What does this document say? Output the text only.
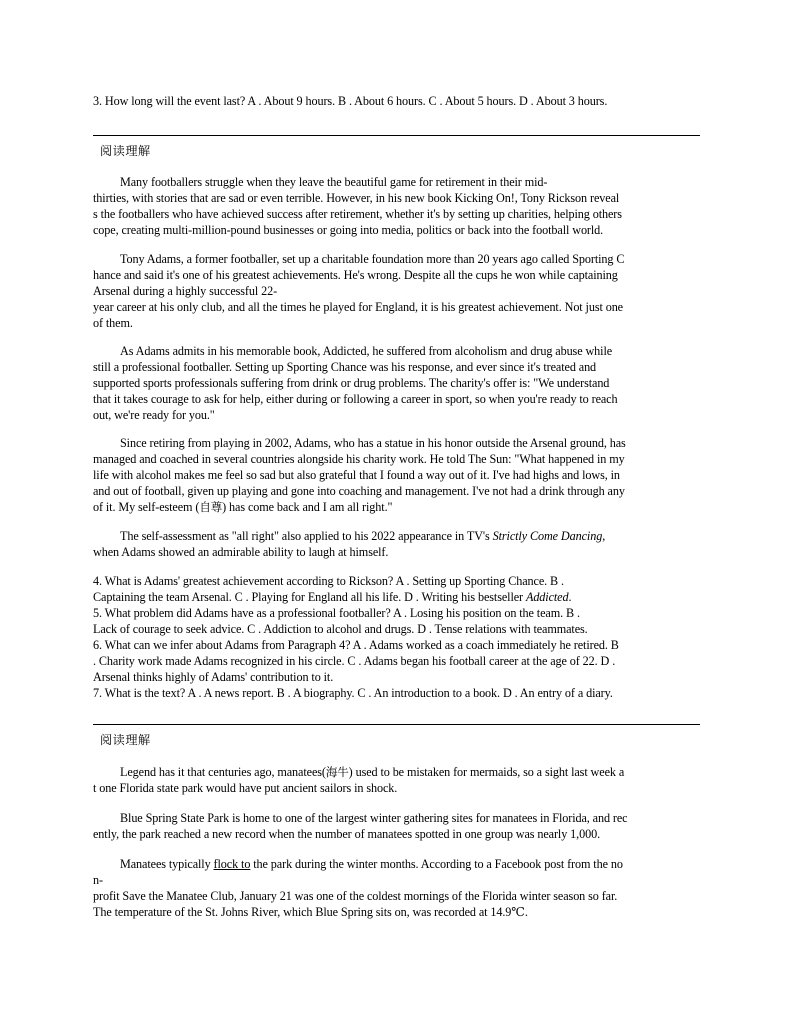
3. How long will the event last? A . About 9 hours. B . About 6 hours. C . About 5 hours. D . About 3 hours.
阅读理解
Many footballers struggle when they leave the beautiful game for retirement in their mid-
thirties, with stories that are sad or even terrible. However, in his new book Kicking On!, Tony Rickson reveal
s the footballers who have achieved success after retirement, whether it's by setting up charities, helping others
cope, creating multi-million-pound businesses or going into media, politics or back into the football world.
Tony Adams, a former footballer, set up a charitable foundation more than 20 years ago called Sporting C
hance and said it's one of his greatest achievements. He's wrong. Despite all the cups he won while captaining
Arsenal during a highly successful 22-
year career at his only club, and all the times he played for England, it is his greatest achievement. Not just one
of them.
As Adams admits in his memorable book, Addicted, he suffered from alcoholism and drug abuse while
still a professional footballer. Setting up Sporting Chance was his response, and ever since it's treated and
supported sports professionals suffering from drink or drug problems. The charity's offer is: "We understand
that it takes courage to ask for help, either during or following a career in sport, so when you're ready to reach
out, we're ready for you."
Since retiring from playing in 2002, Adams, who has a statue in his honor outside the Arsenal ground, has
managed and coached in several countries alongside his charity work. He told The Sun: "What happened in my
life with alcohol makes me feel so sad but also grateful that I found a way out of it. I've had highs and lows, in
and out of football, given up playing and gone into coaching and management. I've not had a drink through any
of it. My self-esteem (自尊) has come back and I am all right."
The self-assessment as "all right" also applied to his 2022 appearance in TV's Strictly Come Dancing,
when Adams showed an admirable ability to laugh at himself.
4. What is Adams' greatest achievement according to Rickson? A . Setting up Sporting Chance. B .
Captaining the team Arsenal. C . Playing for England all his life. D . Writing his bestseller Addicted.
5. What problem did Adams have as a professional footballer? A . Losing his position on the team. B .
Lack of courage to seek advice. C . Addiction to alcohol and drugs. D . Tense relations with teammates.
6. What can we infer about Adams from Paragraph 4? A . Adams worked as a coach immediately he retired. B
. Charity work made Adams recognized in his circle. C . Adams began his football career at the age of 22. D .
Arsenal thinks highly of Adams' contribution to it.
7. What is the text? A . A news report. B . A biography. C . An introduction to a book. D . An entry of a diary.
阅读理解
Legend has it that centuries ago, manatees(海牛) used to be mistaken for mermaids, so a sight last week a
t one Florida state park would have put ancient sailors in shock.
Blue Spring State Park is home to one of the largest winter gathering sites for manatees in Florida, and rec
ently, the park reached a new record when the number of manatees spotted in one group was nearly 1,000.
Manatees typically flock to the park during the winter months. According to a Facebook post from the no
n-
profit Save the Manatee Club, January 21 was one of the coldest mornings of the Florida winter season so far.
The temperature of the St. Johns River, which Blue Spring sits on, was recorded at 14.9℃.
